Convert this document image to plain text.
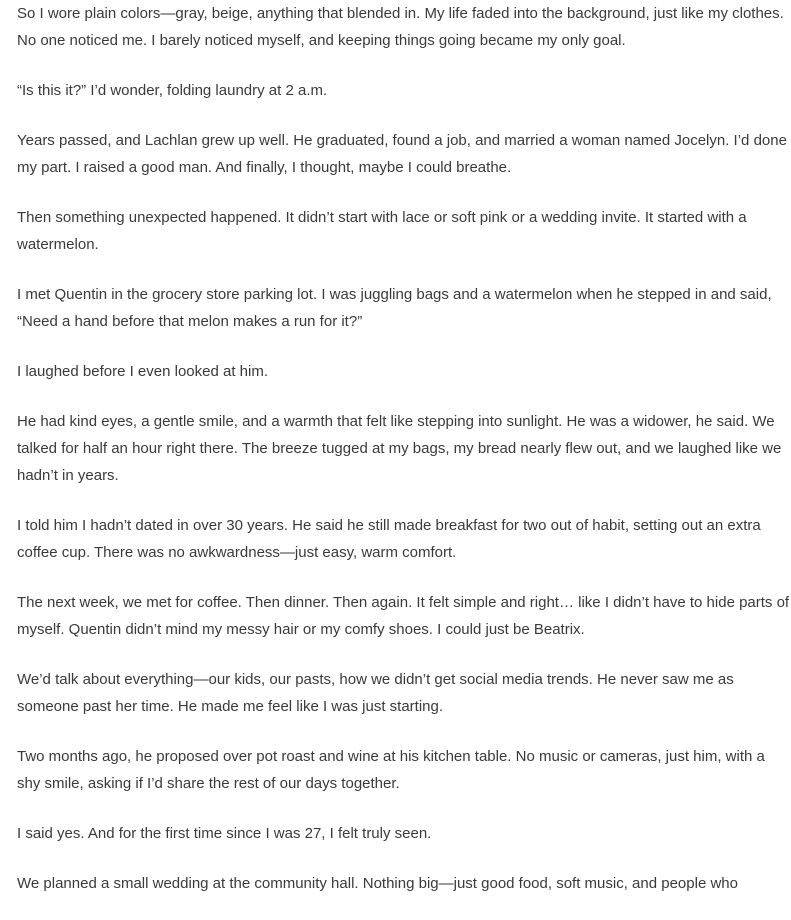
So I wore plain colors—gray, beige, anything that blended in. My life faded into the background, just like my clothes. No one noticed me. I barely noticed myself, and keeping things going became my only goal.

“Is this it?” I’d wonder, folding laundry at 2 a.m.

Years passed, and Lachlan grew up well. He graduated, found a job, and married a woman named Jocelyn. I’d done my part. I raised a good man. And finally, I thought, maybe I could breathe.

Then something unexpected happened. It didn’t start with lace or soft pink or a wedding invite. It started with a watermelon.

I met Quentin in the grocery store parking lot. I was juggling bags and a watermelon when he stepped in and said, “Need a hand before that melon makes a run for it?”

I laughed before I even looked at him.

He had kind eyes, a gentle smile, and a warmth that felt like stepping into sunlight. He was a widower, he said. We talked for half an hour right there. The breeze tugged at my bags, my bread nearly flew out, and we laughed like we hadn’t in years.

I told him I hadn’t dated in over 30 years. He said he still made breakfast for two out of habit, setting out an extra coffee cup. There was no awkwardness—just easy, warm comfort.

The next week, we met for coffee. Then dinner. Then again. It felt simple and right… like I didn’t have to hide parts of myself. Quentin didn’t mind my messy hair or my comfy shoes. I could just be Beatrix.

We’d talk about everything—our kids, our pasts, how we didn’t get social media trends. He never saw me as someone past her time. He made me feel like I was just starting.

Two months ago, he proposed over pot roast and wine at his kitchen table. No music or cameras, just him, with a shy smile, asking if I’d share the rest of our days together.

I said yes. And for the first time since I was 27, I felt truly seen.

We planned a small wedding at the community hall. Nothing big—just good food, soft music, and people who
